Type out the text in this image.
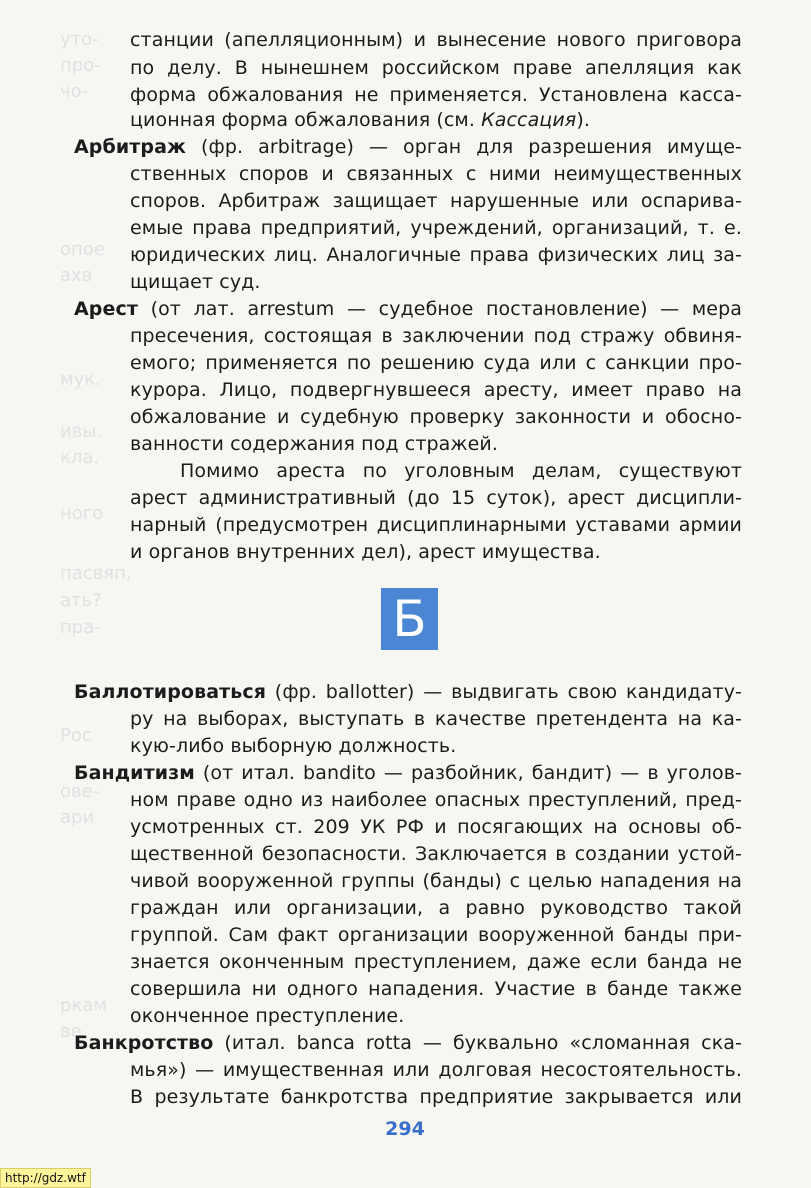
уто-
про-
чо-
опое
ахв
мук.
ивы.
кла.
ного
пасвяп,
ать?
пра-
Рос
ове-
ари
ркам
ве
станции (апелляционным) и вынесение нового приговора
по делу. В нынешнем российском праве апелляция как
форма обжалования не применяется. Установлена касса-
ционная форма обжалования (см. Кассация).
Арбитраж (фр. arbitrage) — орган для разрешения имуще-
ственных споров и связанных с ними неимущественных
споров. Арбитраж защищает нарушенные или оспарива-
емые права предприятий, учреждений, организаций, т. е.
юридических лиц. Аналогичные права физических лиц за-
щищает суд.
Арест (от лат. arrestum — судебное постановление) — мера
пресечения, состоящая в заключении под стражу обвиня-
емого; применяется по решению суда или с санкции про-
курора. Лицо, подвергнувшееся аресту, имеет право на
обжалование и судебную проверку законности и обосно-
ванности содержания под стражей.
Помимо ареста по уголовным делам, существуют
арест административный (до 15 суток), арест дисципли-
нарный (предусмотрен дисциплинарными уставами армии
и органов внутренних дел), арест имущества.
Б
Баллотироваться (фр. ballotter) — выдвигать свою кандидату-
ру на выборах, выступать в качестве претендента на ка-
кую-либо выборную должность.
Бандитизм (от итал. bandito — разбойник, бандит) — в уголов-
ном праве одно из наиболее опасных преступлений, пред-
усмотренных ст. 209 УК РФ и посягающих на основы об-
щественной безопасности. Заключается в создании устой-
чивой вооруженной группы (банды) с целью нападения на
граждан или организации, а равно руководство такой
группой. Сам факт организации вооруженной банды при-
знается оконченным преступлением, даже если банда не
совершила ни одного нападения. Участие в банде также
оконченное преступление.
Банкротство (итал. banca rotta — буквально «сломанная ска-
мья») — имущественная или долговая несостоятельность.
В результате банкротства предприятие закрывается или
294
http://gdz.wtf
